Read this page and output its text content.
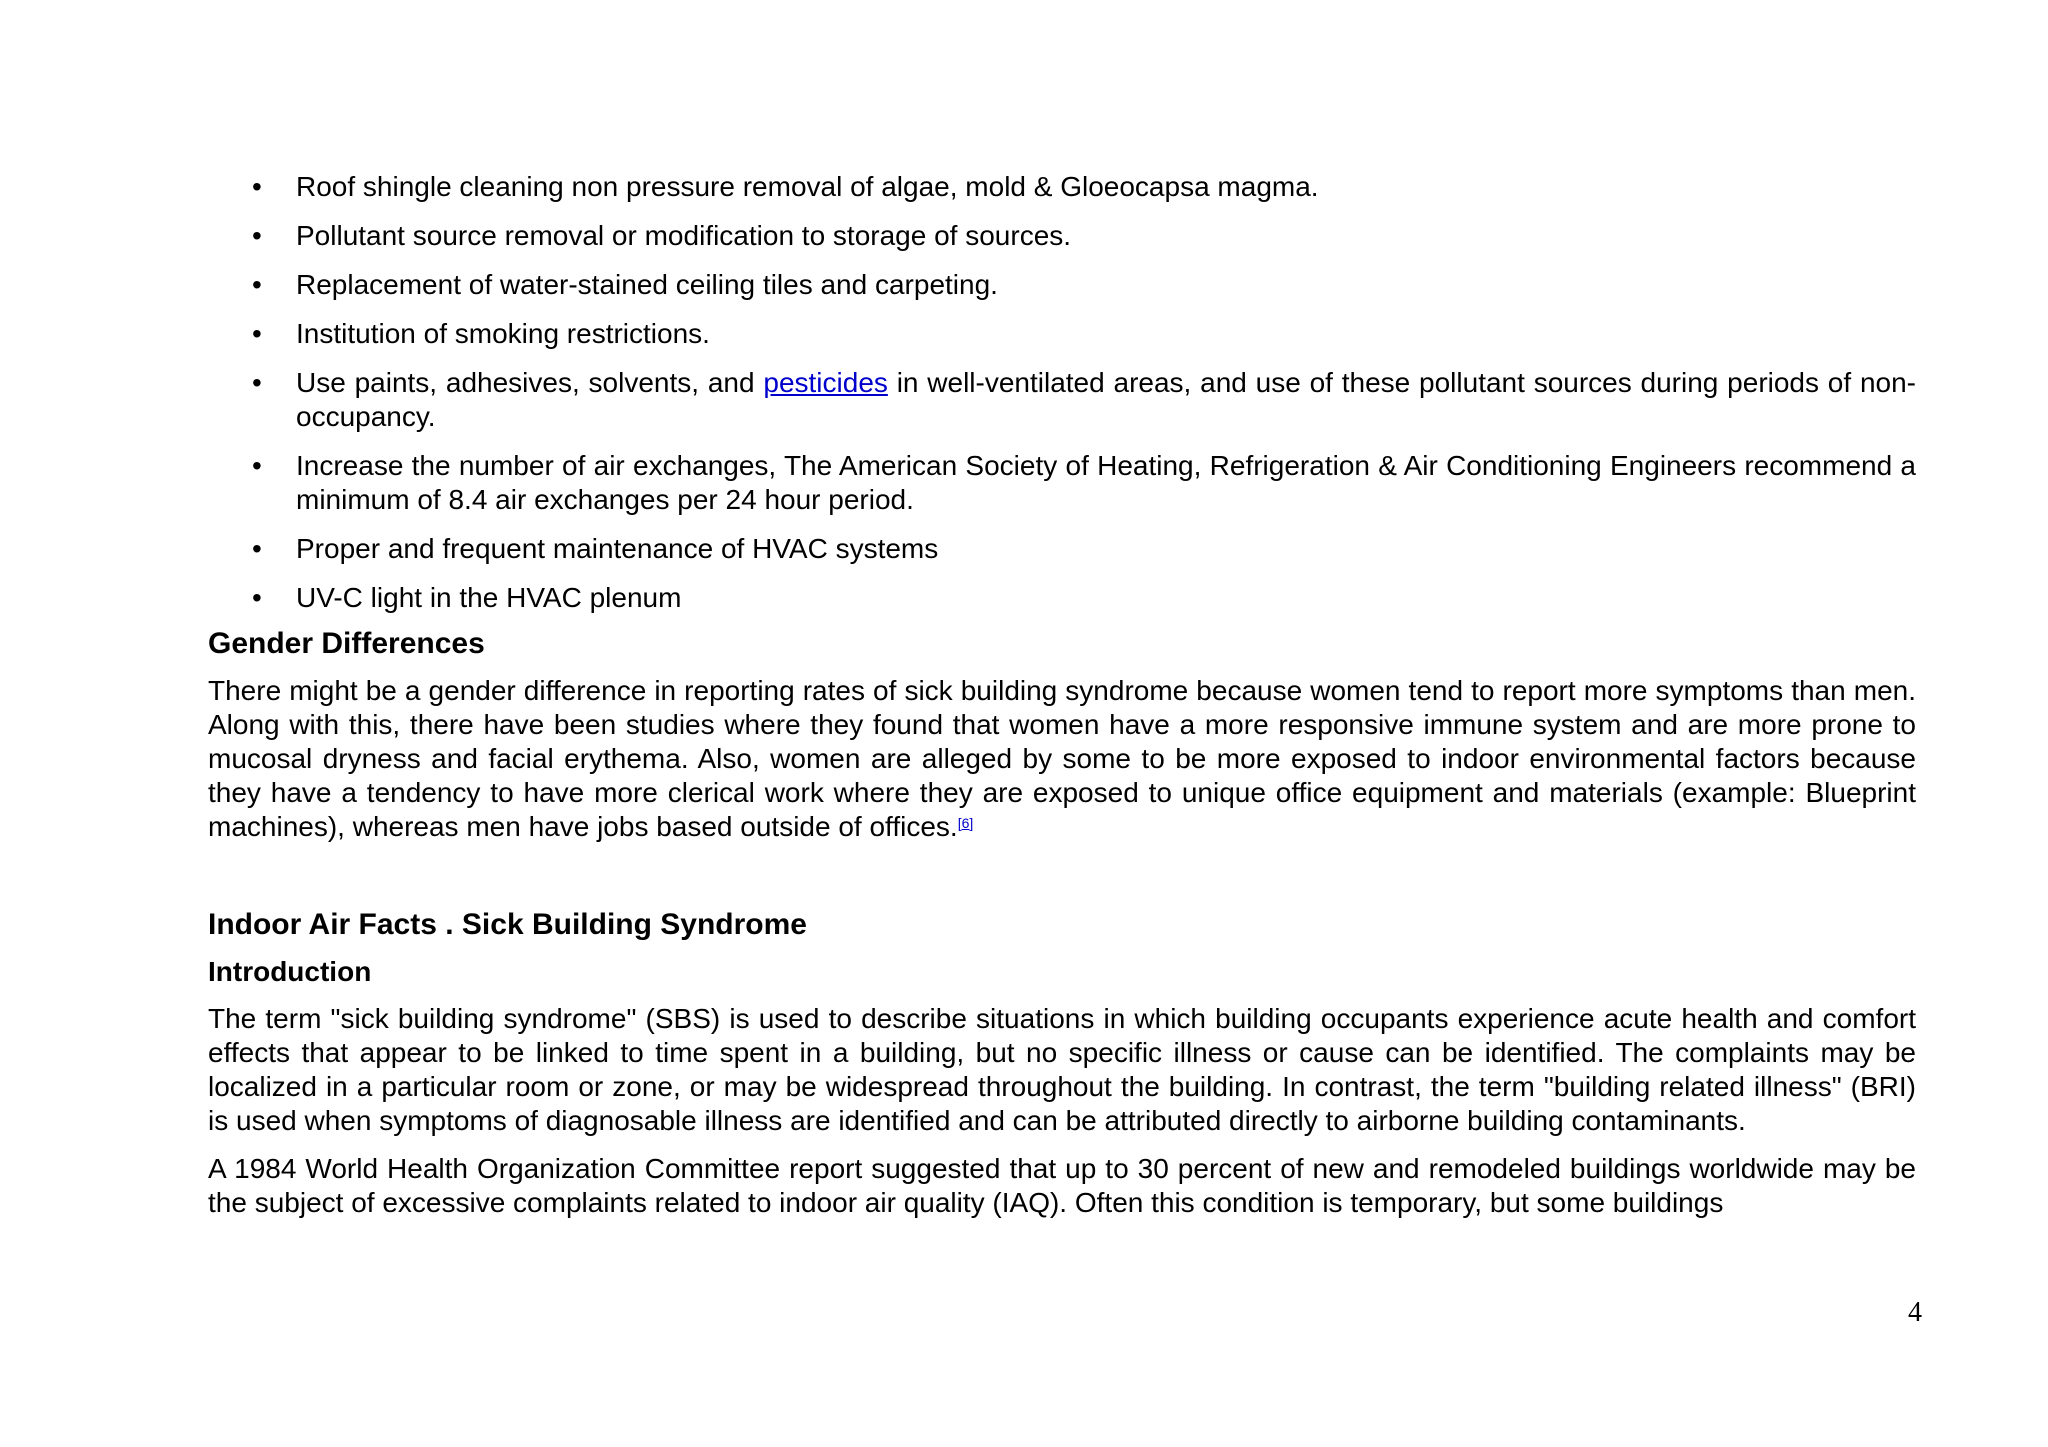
• Roof shingle cleaning non pressure removal of algae, mold & Gloeocapsa magma.
• Pollutant source removal or modification to storage of sources.
• Replacement of water-stained ceiling tiles and carpeting.
• Institution of smoking restrictions.
• Use paints, adhesives, solvents, and pesticides in well-ventilated areas, and use of these pollutant sources during periods of non-occupancy.
• Increase the number of air exchanges, The American Society of Heating, Refrigeration & Air Conditioning Engineers recommend a minimum of 8.4 air exchanges per 24 hour period.
• Proper and frequent maintenance of HVAC systems
• UV-C light in the HVAC plenum
Gender Differences

There might be a gender difference in reporting rates of sick building syndrome because women tend to report more symptoms than men. Along with this, there have been studies where they found that women have a more responsive immune system and are more prone to mucosal dryness and facial erythema. Also, women are alleged by some to be more exposed to indoor environmental factors because they have a tendency to have more clerical work where they are exposed to unique office equipment and materials (example: Blueprint machines), whereas men have jobs based outside of offices.[6]

Indoor Air Facts . Sick Building Syndrome
Introduction

The term "sick building syndrome" (SBS) is used to describe situations in which building occupants experience acute health and comfort effects that appear to be linked to time spent in a building, but no specific illness or cause can be identified. The complaints may be localized in a particular room or zone, or may be widespread throughout the building. In contrast, the term "building related illness" (BRI) is used when symptoms of diagnosable illness are identified and can be attributed directly to airborne building contaminants.

A 1984 World Health Organization Committee report suggested that up to 30 percent of new and remodeled buildings worldwide may be the subject of excessive complaints related to indoor air quality (IAQ). Often this condition is temporary, but some buildings

4
